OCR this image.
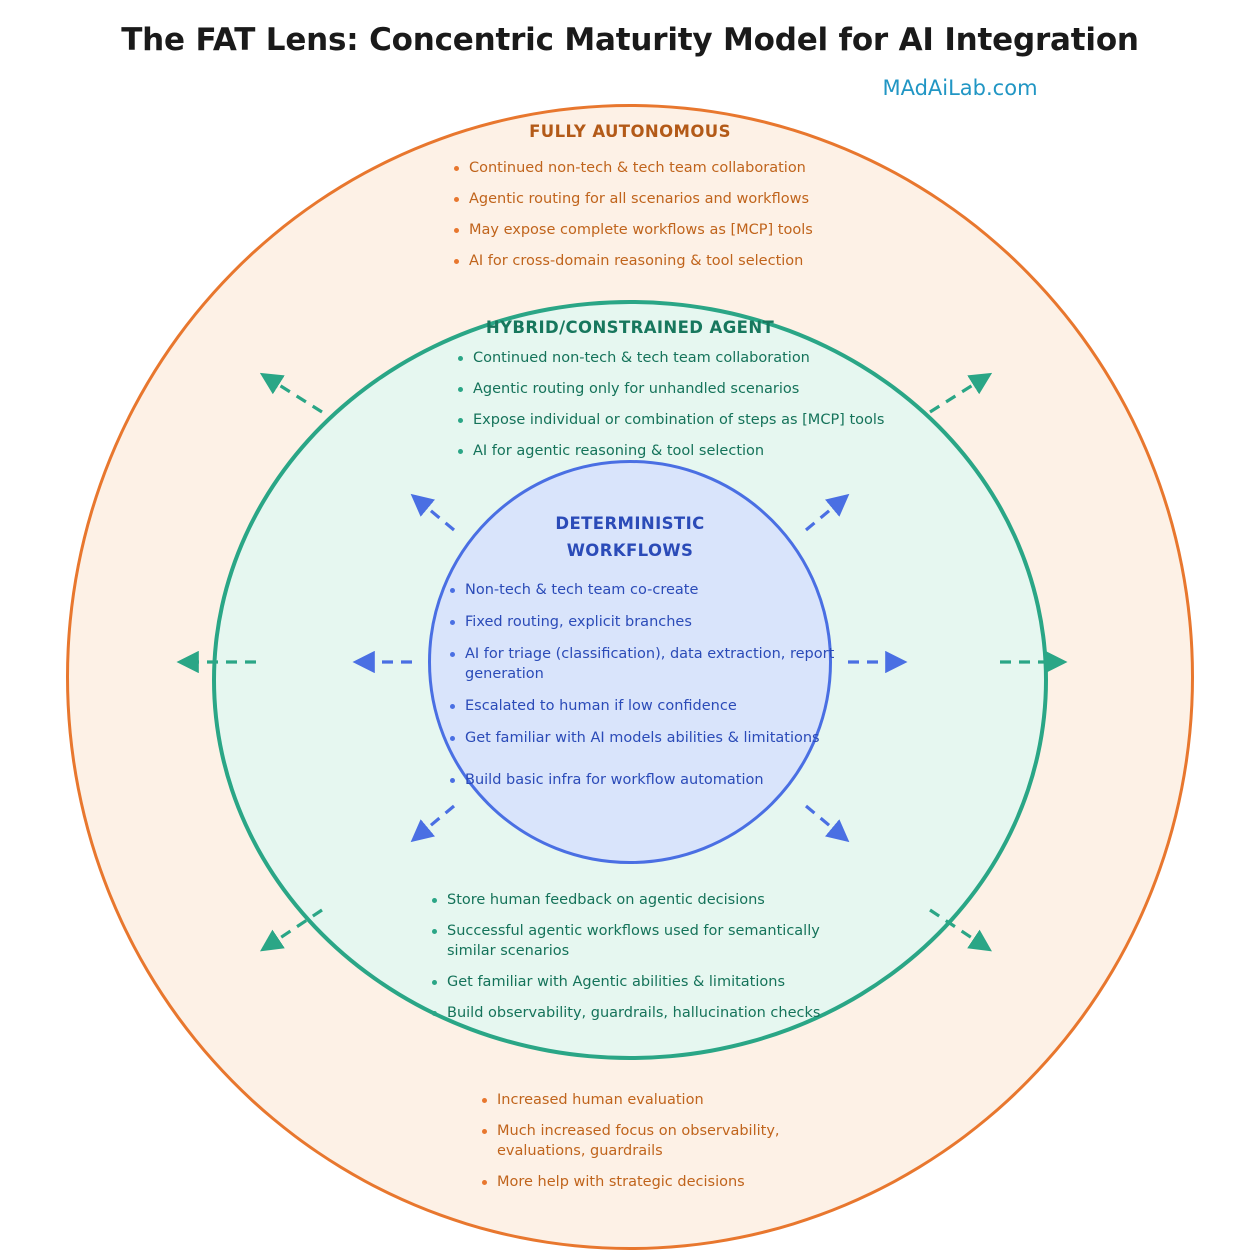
The FAT Lens: Concentric Maturity Model for AI Integration
MAdAiLab.com
FULLY AUTONOMOUS
HYBRID/CONSTRAINED AGENT
DETERMINISTIC
WORKFLOWS
Continued non-tech & tech team collaboration
Agentic routing for all scenarios and workflows
May expose complete workflows as [MCP] tools
AI for cross-domain reasoning & tool selection
Continued non-tech & tech team collaboration
Agentic routing only for unhandled scenarios
Expose individual or combination of steps as [MCP] tools
AI for agentic reasoning & tool selection
Non-tech & tech team co-create
Fixed routing, explicit branches
AI for triage (classification), data extraction, report generation
Escalated to human if low confidence
Get familiar with AI models abilities & limitations
Build basic infra for workflow automation
Store human feedback on agentic decisions
Successful agentic workflows used for semantically similar scenarios
Get familiar with Agentic abilities & limitations
Build observability, guardrails, hallucination checks
Increased human evaluation
Much increased focus on observability, evaluations, guardrails
More help with strategic decisions
